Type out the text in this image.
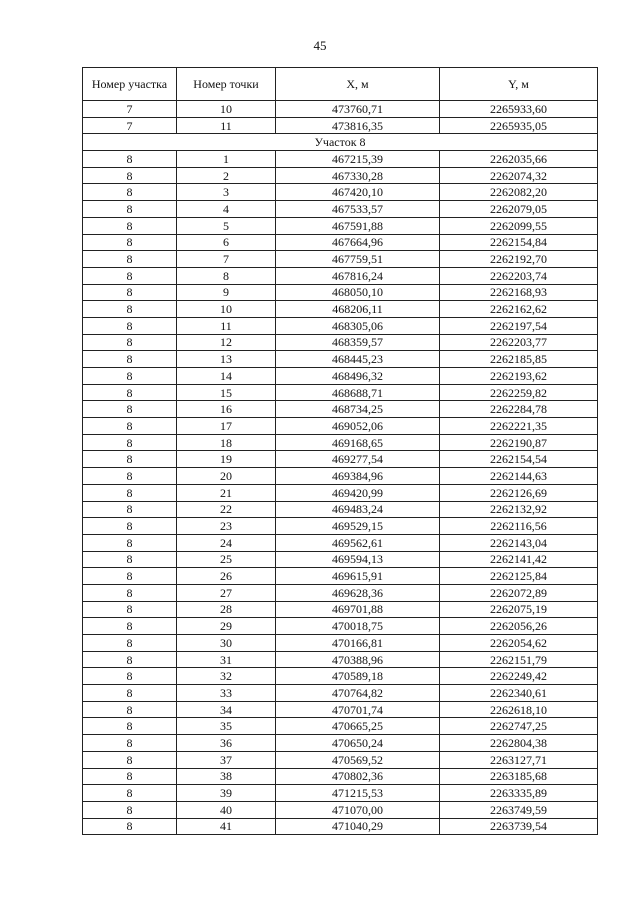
45
Номер участка	Номер точки	X, м	Y, м
7	10	473760,71	2265933,60
7	11	473816,35	2265935,05
Участок 8			
8	1	467215,39	2262035,66
8	2	467330,28	2262074,32
8	3	467420,10	2262082,20
8	4	467533,57	2262079,05
8	5	467591,88	2262099,55
8	6	467664,96	2262154,84
8	7	467759,51	2262192,70
8	8	467816,24	2262203,74
8	9	468050,10	2262168,93
8	10	468206,11	2262162,62
8	11	468305,06	2262197,54
8	12	468359,57	2262203,77
8	13	468445,23	2262185,85
8	14	468496,32	2262193,62
8	15	468688,71	2262259,82
8	16	468734,25	2262284,78
8	17	469052,06	2262221,35
8	18	469168,65	2262190,87
8	19	469277,54	2262154,54
8	20	469384,96	2262144,63
8	21	469420,99	2262126,69
8	22	469483,24	2262132,92
8	23	469529,15	2262116,56
8	24	469562,61	2262143,04
8	25	469594,13	2262141,42
8	26	469615,91	2262125,84
8	27	469628,36	2262072,89
8	28	469701,88	2262075,19
8	29	470018,75	2262056,26
8	30	470166,81	2262054,62
8	31	470388,96	2262151,79
8	32	470589,18	2262249,42
8	33	470764,82	2262340,61
8	34	470701,74	2262618,10
8	35	470665,25	2262747,25
8	36	470650,24	2262804,38
8	37	470569,52	2263127,71
8	38	470802,36	2263185,68
8	39	471215,53	2263335,89
8	40	471070,00	2263749,59
8	41	471040,29	2263739,54
